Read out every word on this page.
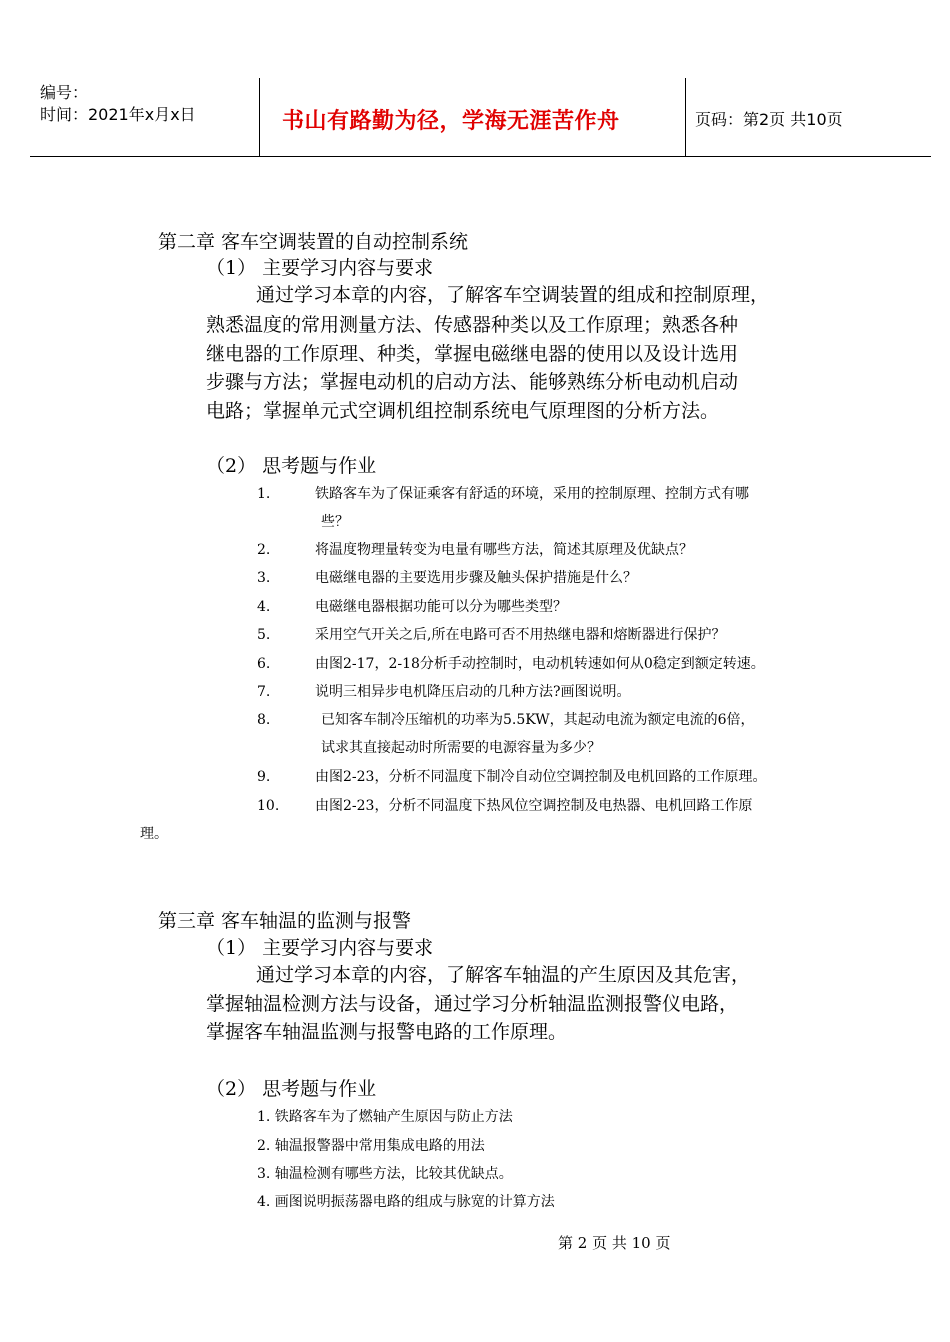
编号：
时间：2021年x月x日	书山有路勤为径，学海无涯苦作舟	页码：第2页 共10页
第二章 客车空调装置的自动控制系统
（1） 主要学习内容与要求
通过学习本章的内容，了解客车空调装置的组成和控制原理，
熟悉温度的常用测量方法、传感器种类以及工作原理；熟悉各种
继电器的工作原理、种类，掌握电磁继电器的使用以及设计选用
步骤与方法；掌握电动机的启动方法、能够熟练分析电动机启动
电路；掌握单元式空调机组控制系统电气原理图的分析方法。
（2） 思考题与作业
1.	铁路客车为了保证乘客有舒适的环境，采用的控制原理、控制方式有哪
些？
2.	将温度物理量转变为电量有哪些方法，简述其原理及优缺点？
3.	电磁继电器的主要选用步骤及触头保护措施是什么？
4.	电磁继电器根据功能可以分为哪些类型？
5.	采用空气开关之后,所在电路可否不用热继电器和熔断器进行保护？
6.	由图2-17，2-18分析手动控制时，电动机转速如何从0稳定到额定转速。
7.	说明三相异步电机降压启动的几种方法?画图说明。
8.	已知客车制冷压缩机的功率为5.5KW，其起动电流为额定电流的6倍，
试求其直接起动时所需要的电源容量为多少？
9.	由图2-23，分析不同温度下制冷自动位空调控制及电机回路的工作原理。
10.	由图2-23，分析不同温度下热风位空调控制及电热器、电机回路工作原
理。
第三章 客车轴温的监测与报警
（1） 主要学习内容与要求
通过学习本章的内容，了解客车轴温的产生原因及其危害，
掌握轴温检测方法与设备，通过学习分析轴温监测报警仪电路，
掌握客车轴温监测与报警电路的工作原理。
（2） 思考题与作业
1. 铁路客车为了燃轴产生原因与防止方法
2. 轴温报警器中常用集成电路的用法
3. 轴温检测有哪些方法，比较其优缺点。
4. 画图说明振荡器电路的组成与脉宽的计算方法
第 2 页 共 10 页
